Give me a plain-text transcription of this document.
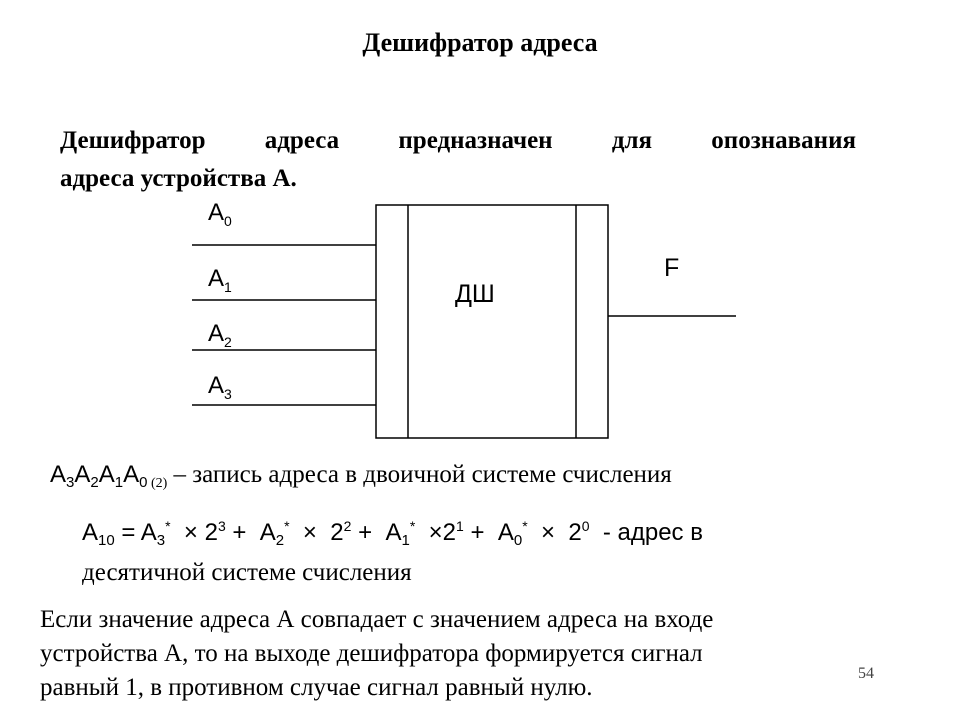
Дешифратор адреса
Дешифратор адреса предназначен для опознавания
адреса устройства А.
$A_0$
$A_1$
$A_2$
$A_3$
ДШ
F
$A_3A_2A_1A_0$ $_{(2)}$ – запись адреса в двоичной системе счисления
$A_{10} = A_3^* \times 2^3 + A_2^* \times 2^2 + A_1^* \times 2^1 + A_0^* \times 2^0$  - адрес в
десятичной системе счисления
Если значение адреса А совпадает с значением адреса на входе
устройства А, то на выходе дешифратора формируется сигнал
равный 1, в противном случае сигнал равный нулю.
54
